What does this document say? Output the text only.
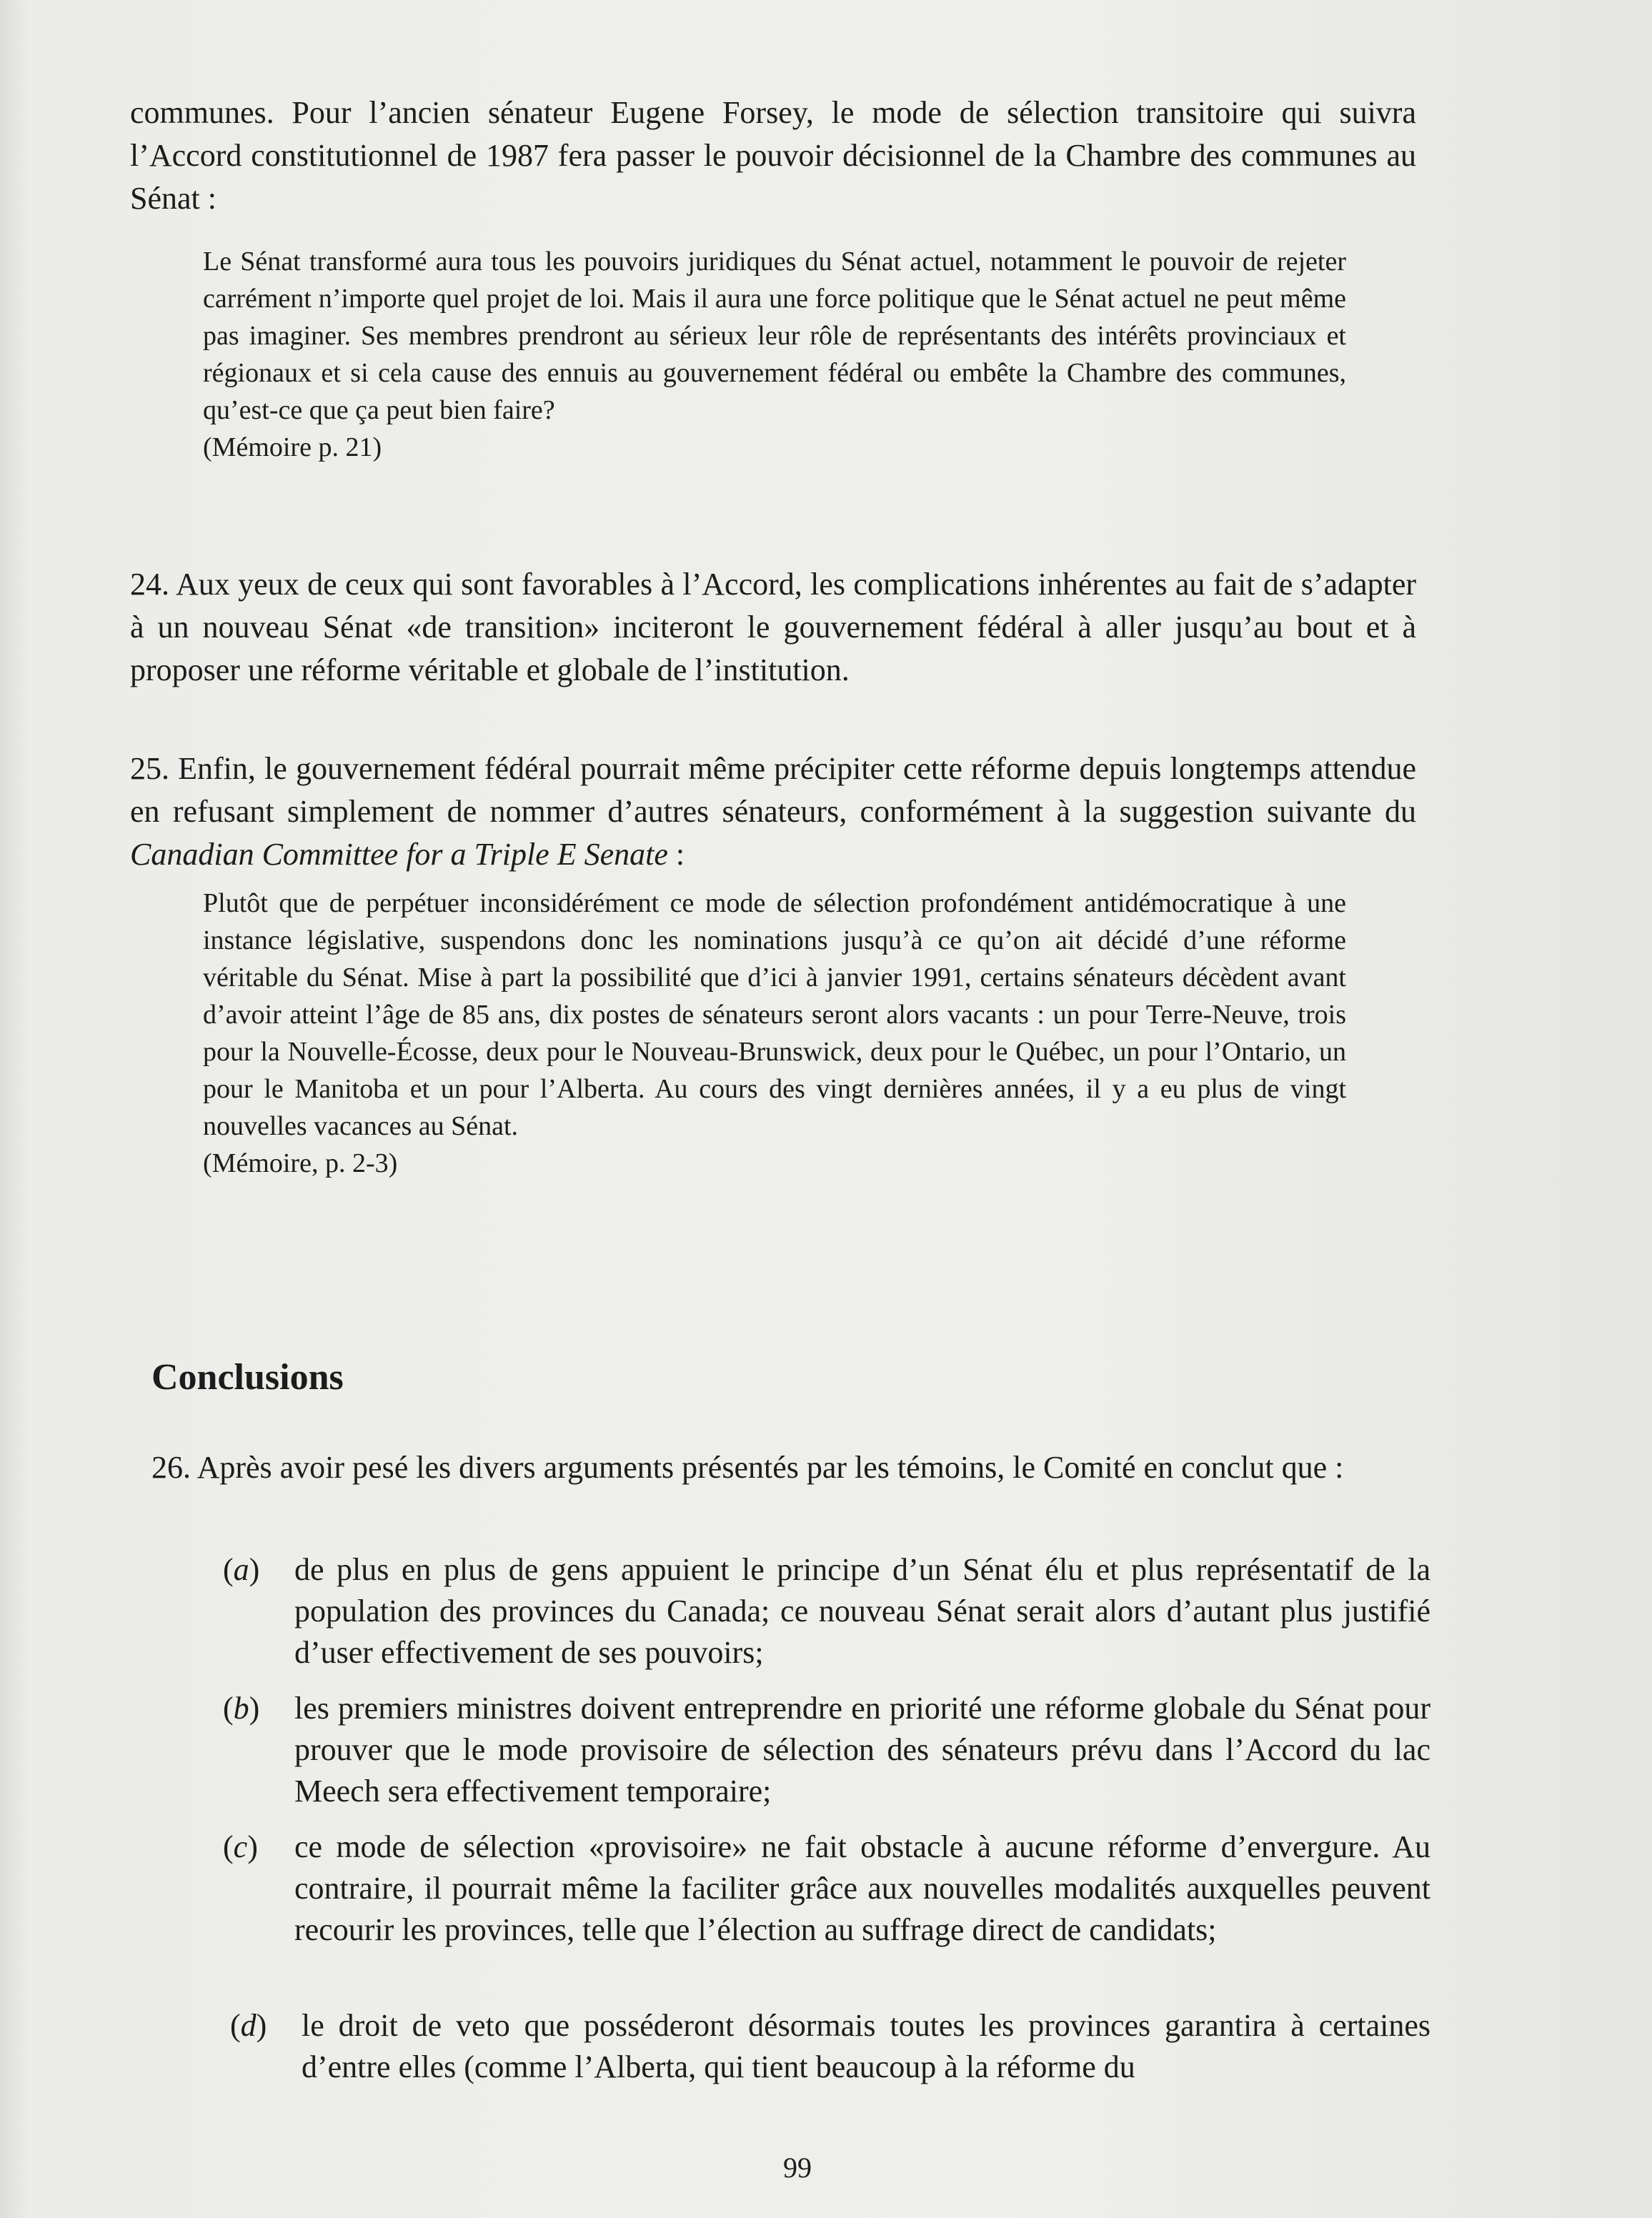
communes. Pour l’ancien sénateur Eugene Forsey, le mode de sélection transitoire qui suivra l’Accord constitutionnel de 1987 fera passer le pouvoir décisionnel de la Chambre des communes au Sénat :

Le Sénat transformé aura tous les pouvoirs juridiques du Sénat actuel, notamment le pouvoir de rejeter carrément n’importe quel projet de loi. Mais il aura une force politique que le Sénat actuel ne peut même pas imaginer. Ses membres prendront au sérieux leur rôle de représentants des intérêts provinciaux et régionaux et si cela cause des ennuis au gouvernement fédéral ou embête la Chambre des communes, qu’est-ce que ça peut bien faire?
(Mémoire p. 21)

24. Aux yeux de ceux qui sont favorables à l’Accord, les complications inhérentes au fait de s’adapter à un nouveau Sénat «de transition» inciteront le gouvernement fédéral à aller jusqu’au bout et à proposer une réforme véritable et globale de l’institution.

25. Enfin, le gouvernement fédéral pourrait même précipiter cette réforme depuis longtemps attendue en refusant simplement de nommer d’autres sénateurs, conformément à la suggestion suivante du Canadian Committee for a Triple E Senate :

Plutôt que de perpétuer inconsidérément ce mode de sélection profondément antidémocratique à une instance législative, suspendons donc les nominations jusqu’à ce qu’on ait décidé d’une réforme véritable du Sénat. Mise à part la possibilité que d’ici à janvier 1991, certains sénateurs décèdent avant d’avoir atteint l’âge de 85 ans, dix postes de sénateurs seront alors vacants : un pour Terre-Neuve, trois pour la Nouvelle-Écosse, deux pour le Nouveau-Brunswick, deux pour le Québec, un pour l’Ontario, un pour le Manitoba et un pour l’Alberta. Au cours des vingt dernières années, il y a eu plus de vingt nouvelles vacances au Sénat.
(Mémoire, p. 2-3)
Conclusions

26. Après avoir pesé les divers arguments présentés par les témoins, le Comité en conclut que :

(a)	de plus en plus de gens appuient le principe d’un Sénat élu et plus représentatif de la population des provinces du Canada; ce nouveau Sénat serait alors d’autant plus justifié d’user effectivement de ses pouvoirs;
(b)	les premiers ministres doivent entreprendre en priorité une réforme globale du Sénat pour prouver que le mode provisoire de sélection des sénateurs prévu dans l’Accord du lac Meech sera effectivement temporaire;
(c)	ce mode de sélection «provisoire» ne fait obstacle à aucune réforme d’envergure. Au contraire, il pourrait même la faciliter grâce aux nouvelles modalités auxquelles peuvent recourir les provinces, telle que l’élection au suffrage direct de candidats;
(d)	le droit de veto que posséderont désormais toutes les provinces garantira à certaines d’entre elles (comme l’Alberta, qui tient beaucoup à la réforme du

99
